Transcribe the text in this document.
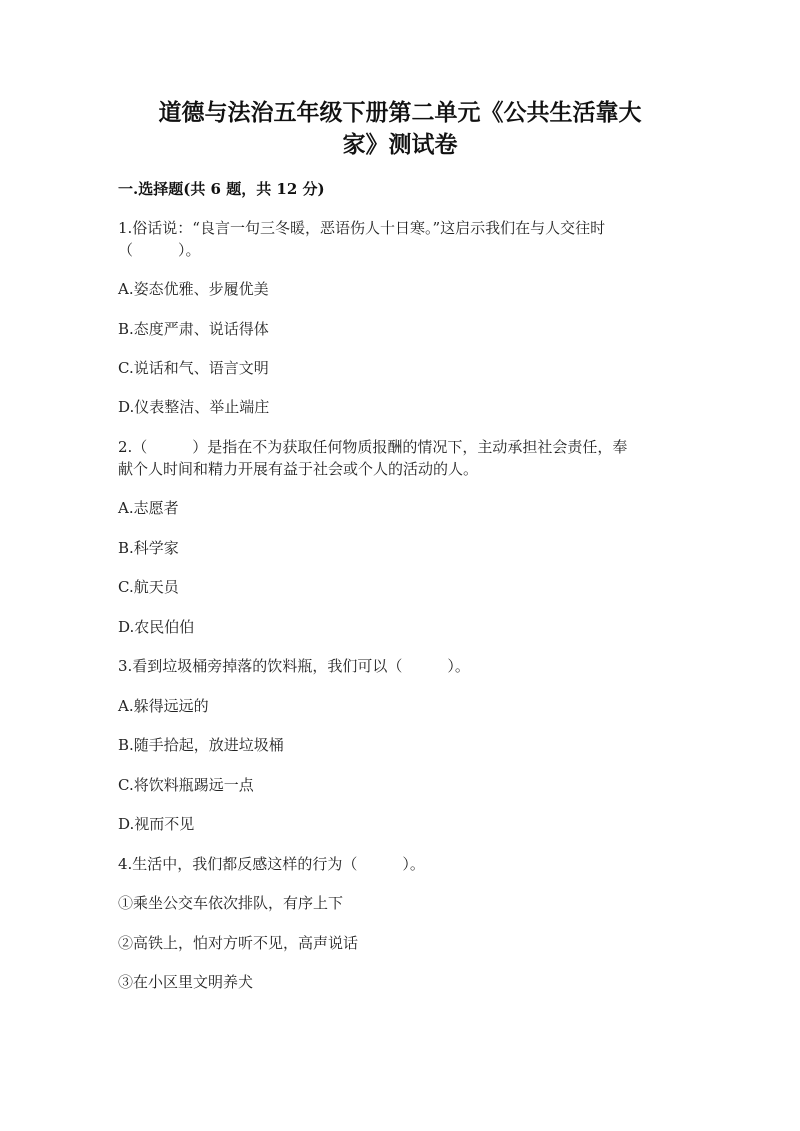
道德与法治五年级下册第二单元《公共生活靠大
家》测试卷
一.选择题(共 6 题，共 12 分)
1.俗话说：“良言一句三冬暖，恶语伤人十日寒。”这启示我们在与人交往时
（　　　）。
A.姿态优雅、步履优美
B.态度严肃、说话得体
C.说话和气、语言文明
D.仪表整洁、举止端庄
2.（　　　）是指在不为获取任何物质报酬的情况下，主动承担社会责任，奉
献个人时间和精力开展有益于社会或个人的活动的人。
A.志愿者
B.科学家
C.航天员
D.农民伯伯
3.看到垃圾桶旁掉落的饮料瓶，我们可以（　　　）。
A.躲得远远的
B.随手拾起，放进垃圾桶
C.将饮料瓶踢远一点
D.视而不见
4.生活中，我们都反感这样的行为（　　　）。
①乘坐公交车依次排队，有序上下
②高铁上，怕对方听不见，高声说话
③在小区里文明养犬
